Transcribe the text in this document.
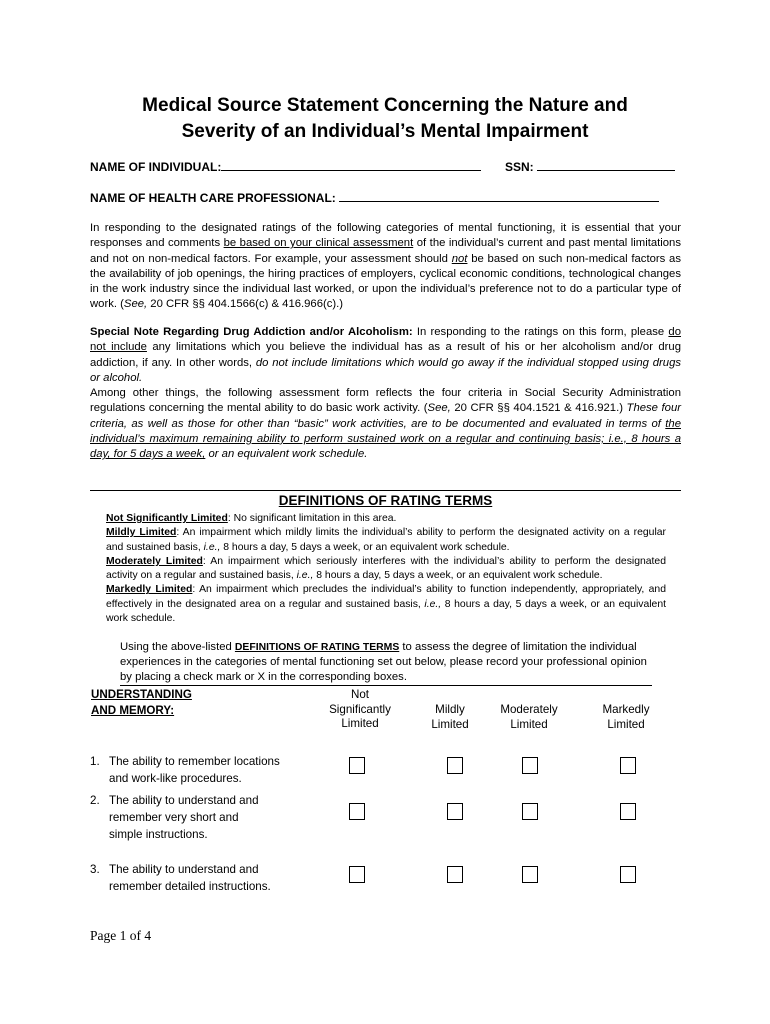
Medical Source Statement Concerning the Nature and
Severity of an Individual’s Mental Impairment
NAME OF INDIVIDUAL:	SSN:
NAME OF HEALTH CARE PROFESSIONAL:
In responding to the designated ratings of the following categories of mental functioning, it is essential that your responses and comments be based on your clinical assessment of the individual’s current and past mental limitations and not on non-medical factors. For example, your assessment should not be based on such non-medical factors as the availability of job openings, the hiring practices of employers, cyclical economic conditions, technological changes in the work industry since the individual last worked, or upon the individual’s preference not to do a particular type of work. (See, 20 CFR §§ 404.1566(c) & 416.966(c).)
Special Note Regarding Drug Addiction and/or Alcoholism: In responding to the ratings on this form, please do not include any limitations which you believe the individual has as a result of his or her alcoholism and/or drug addiction, if any. In other words, do not include limitations which would go away if the individual stopped using drugs or alcohol.
Among other things, the following assessment form reflects the four criteria in Social Security Administration regulations concerning the mental ability to do basic work activity. (See, 20 CFR §§ 404.1521 & 416.921.) These four criteria, as well as those for other than “basic” work activities, are to be documented and evaluated in terms of the individual’s maximum remaining ability to perform sustained work on a regular and continuing basis; i.e., 8 hours a day, for 5 days a week, or an equivalent work schedule.
DEFINITIONS OF RATING TERMS
Not Significantly Limited: No significant limitation in this area.
Mildly Limited: An impairment which mildly limits the individual’s ability to perform the designated activity on a regular and sustained basis, i.e., 8 hours a day, 5 days a week, or an equivalent work schedule.
Moderately Limited: An impairment which seriously interferes with the individual’s ability to perform the designated activity on a regular and sustained basis, i.e., 8 hours a day, 5 days a week, or an equivalent work schedule.
Markedly Limited: An impairment which precludes the individual’s ability to function independently, appropriately, and effectively in the designated area on a regular and sustained basis, i.e., 8 hours a day, 5 days a week, or an equivalent work schedule.
Using the above-listed DEFINITIONS OF RATING TERMS to assess the degree of limitation the individual experiences in the categories of mental functioning set out below, please record your professional opinion by placing a check mark or X in the corresponding boxes.
UNDERSTANDING
AND MEMORY:
Not
Significantly
Limited
Mildly
Limited
Moderately
Limited
Markedly
Limited
1. The ability to remember locations
and work-like procedures.
2. The ability to understand and
remember very short and
simple instructions.
3. The ability to understand and
remember detailed instructions.
Page 1 of 4
